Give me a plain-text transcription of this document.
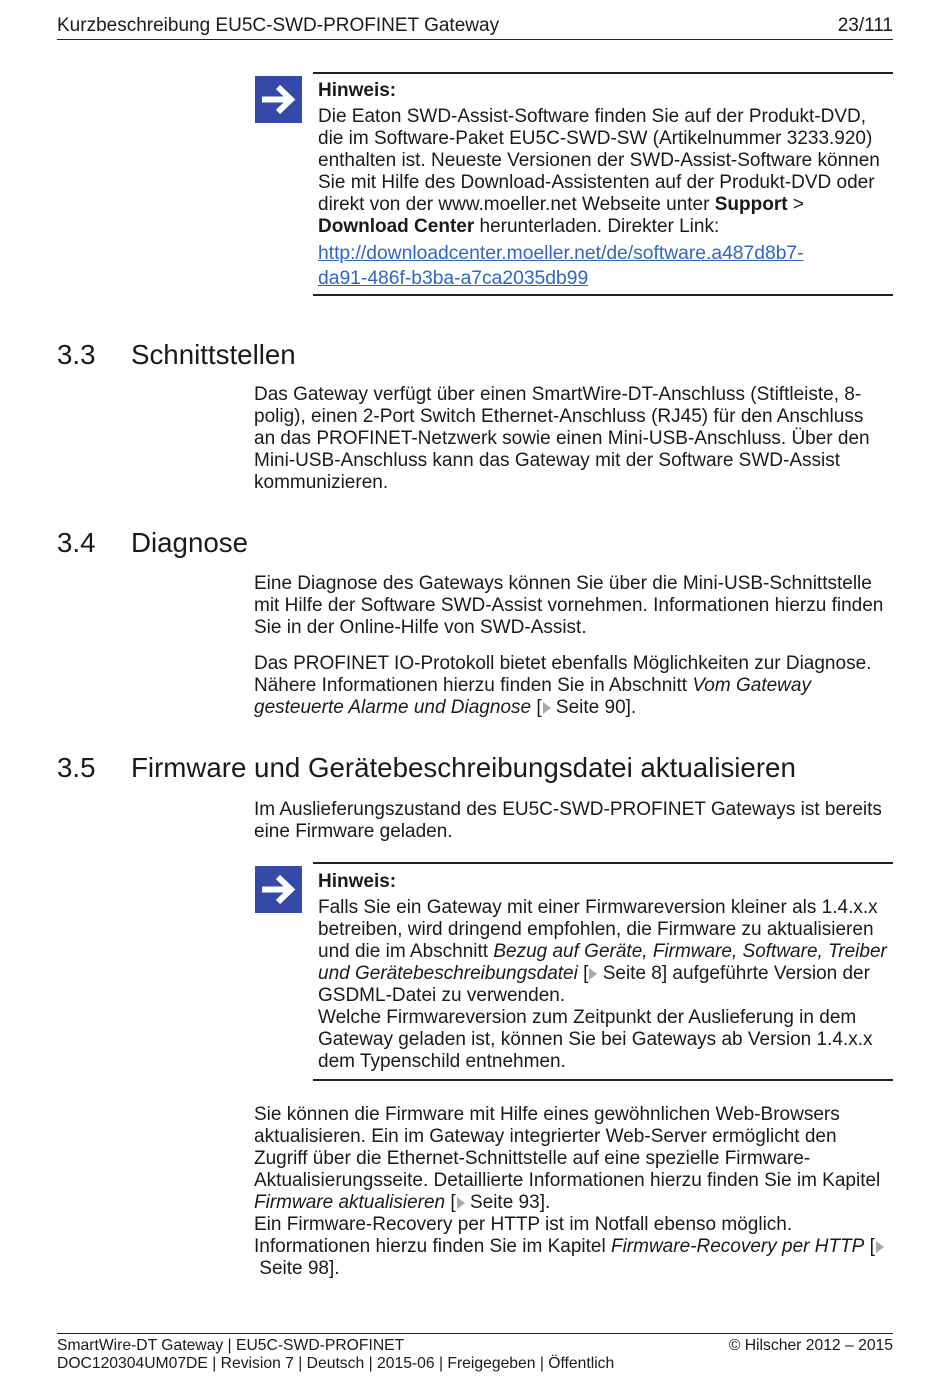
Kurzbeschreibung EU5C-SWD-PROFINET Gateway	23/111
Hinweis:
Die Eaton SWD-Assist-Software finden Sie auf der Produkt-DVD,
die im Software-Paket EU5C-SWD-SW (Artikelnummer 3233.920)
enthalten ist. Neueste Versionen der SWD-Assist-Software können
Sie mit Hilfe des Download-Assistenten auf der Produkt-DVD oder
direkt von der www.moeller.net Webseite unter Support >
Download Center herunterladen. Direkter Link:
http://downloadcenter.moeller.net/de/software.a487d8b7-
da91-486f-b3ba-a7ca2035db99
3.3 Schnittstellen
Das Gateway verfügt über einen SmartWire-DT-Anschluss (Stiftleiste, 8-
polig), einen 2-Port Switch Ethernet-Anschluss (RJ45) für den Anschluss
an das PROFINET-Netzwerk sowie einen Mini-USB-Anschluss. Über den
Mini-USB-Anschluss kann das Gateway mit der Software SWD-Assist
kommunizieren.
3.4 Diagnose
Eine Diagnose des Gateways können Sie über die Mini-USB-Schnittstelle
mit Hilfe der Software SWD-Assist vornehmen. Informationen hierzu finden
Sie in der Online-Hilfe von SWD-Assist.
Das PROFINET IO-Protokoll bietet ebenfalls Möglichkeiten zur Diagnose.
Nähere Informationen hierzu finden Sie in Abschnitt Vom Gateway
gesteuerte Alarme und Diagnose [ Seite 90].
3.5 Firmware und Gerätebeschreibungsdatei aktualisieren
Im Auslieferungszustand des EU5C-SWD-PROFINET Gateways ist bereits
eine Firmware geladen.
Hinweis:
Falls Sie ein Gateway mit einer Firmwareversion kleiner als 1.4.x.x
betreiben, wird dringend empfohlen, die Firmware zu aktualisieren
und die im Abschnitt Bezug auf Geräte, Firmware, Software, Treiber
und Gerätebeschreibungsdatei [ Seite 8] aufgeführte Version der
GSDML-Datei zu verwenden.
Welche Firmwareversion zum Zeitpunkt der Auslieferung in dem
Gateway geladen ist, können Sie bei Gateways ab Version 1.4.x.x
dem Typenschild entnehmen.
Sie können die Firmware mit Hilfe eines gewöhnlichen Web-Browsers
aktualisieren. Ein im Gateway integrierter Web-Server ermöglicht den
Zugriff über die Ethernet-Schnittstelle auf eine spezielle Firmware-
Aktualisierungsseite. Detaillierte Informationen hierzu finden Sie im Kapitel
Firmware aktualisieren [ Seite 93].
Ein Firmware-Recovery per HTTP ist im Notfall ebenso möglich.
Informationen hierzu finden Sie im Kapitel Firmware-Recovery per HTTP [
Seite 98].
SmartWire-DT Gateway | EU5C-SWD-PROFINET	© Hilscher 2012 – 2015
DOC120304UM07DE | Revision 7 | Deutsch | 2015-06 | Freigegeben | Öffentlich
